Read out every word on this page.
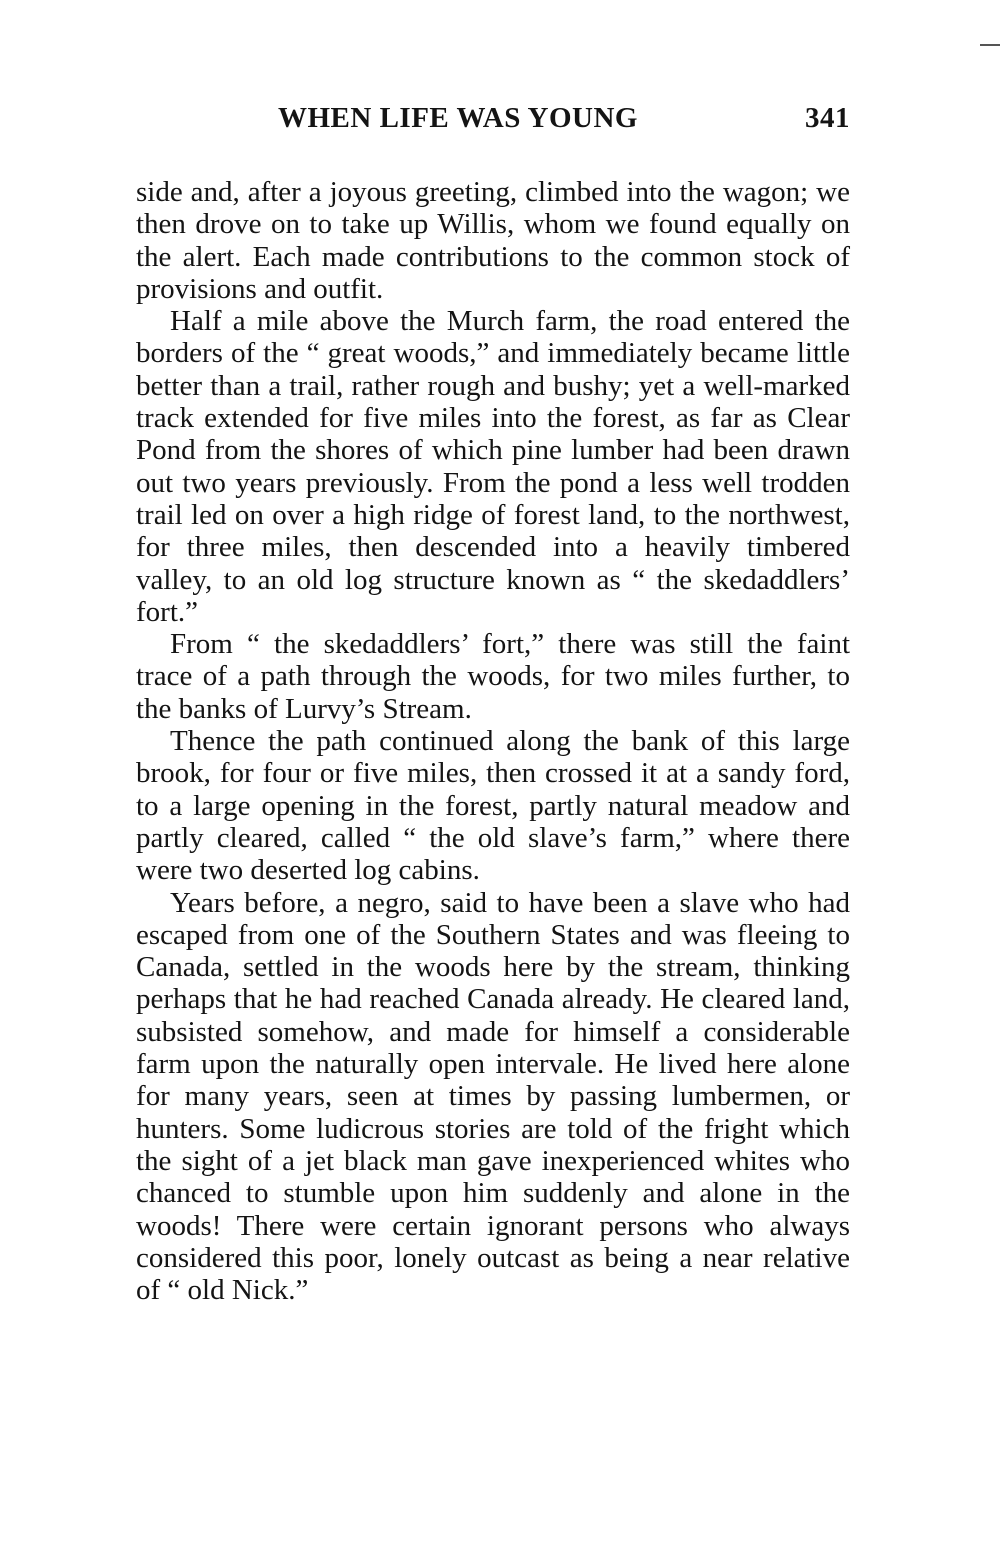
WHEN LIFE WAS YOUNG	341

side and, after a joyous greeting, climbed into the wagon; we then drove on to take up Willis, whom we found equally on the alert. Each made contributions to the common stock of provisions and outfit.

Half a mile above the Murch farm, the road entered the borders of the “ great woods,” and immediately became little better than a trail, rather rough and bushy; yet a well-marked track extended for five miles into the forest, as far as Clear Pond from the shores of which pine lumber had been drawn out two years previously. From the pond a less well trodden trail led on over a high ridge of forest land, to the northwest, for three miles, then descended into a heavily timbered valley, to an old log structure known as “ the skedaddlers’ fort.”

From “ the skedaddlers’ fort,” there was still the faint trace of a path through the woods, for two miles further, to the banks of Lurvy’s Stream.

Thence the path continued along the bank of this large brook, for four or five miles, then crossed it at a sandy ford, to a large opening in the forest, partly natural meadow and partly cleared, called “ the old slave’s farm,” where there were two deserted log cabins.

Years before, a negro, said to have been a slave who had escaped from one of the Southern States and was fleeing to Canada, settled in the woods here by the stream, thinking perhaps that he had reached Canada already. He cleared land, subsisted somehow, and made for himself a considerable farm upon the naturally open intervale. He lived here alone for many years, seen at times by passing lumbermen, or hunters. Some ludicrous stories are told of the fright which the sight of a jet black man gave inexperienced whites who chanced to stumble upon him suddenly and alone in the woods! There were certain ignorant persons who always considered this poor, lonely outcast as being a near relative of “ old Nick.”
